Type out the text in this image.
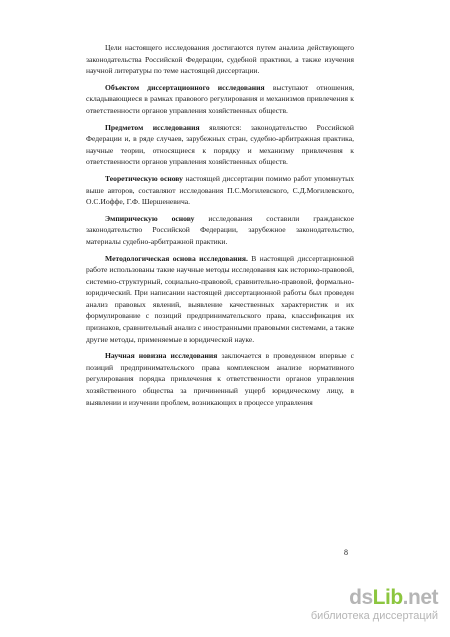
Цели настоящего исследования достигаются путем анализа действующего законодательства Российской Федерации, судебной практики, а также изучения научной литературы по теме настоящей диссертации.

Объектом диссертационного исследования выступают отношения, складывающиеся в рамках правового регулирования и механизмов привлечения к ответственности органов управления хозяйственных обществ.

Предметом исследования являются: законодательство Российской Федерации и, в ряде случаев, зарубежных стран, судебно-арбитражная практика, научные теории, относящиеся к порядку и механизму привлечения к ответственности органов управления хозяйственных обществ.

Теоретическую основу настоящей диссертации помимо работ упомянутых выше авторов, составляют исследования П.С.Могилевского, С.Д.Могилевского, О.С.Иоффе, Г.Ф. Шершеневича.

Эмпирическую основу исследования составили гражданское законодательство Российской Федерации, зарубежное законодательство, материалы судебно-арбитражной практики.

Методологическая основа исследования. В настоящей диссертационной работе использованы такие научные методы исследования как историко-правовой, системно-структурный, социально-правовой, сравнительно-правовой, формально-юридический. При написании настоящей диссертационной работы был проведен анализ правовых явлений, выявление качественных характеристик и их формулирование с позиций предпринимательского права, классификация их признаков, сравнительный анализ с иностранными правовыми системами, а также другие методы, применяемые в юридической науке.

Научная новизна исследования заключается в проведенном впервые с позиций предпринимательского права комплексном анализе нормативного регулирования порядка привлечения к ответственности органов управления хозяйственного общества за причиненный ущерб юридическому лицу, в выявлении и изучении проблем, возникающих в процессе управления

8
dsLib.net
библиотека диссертаций
